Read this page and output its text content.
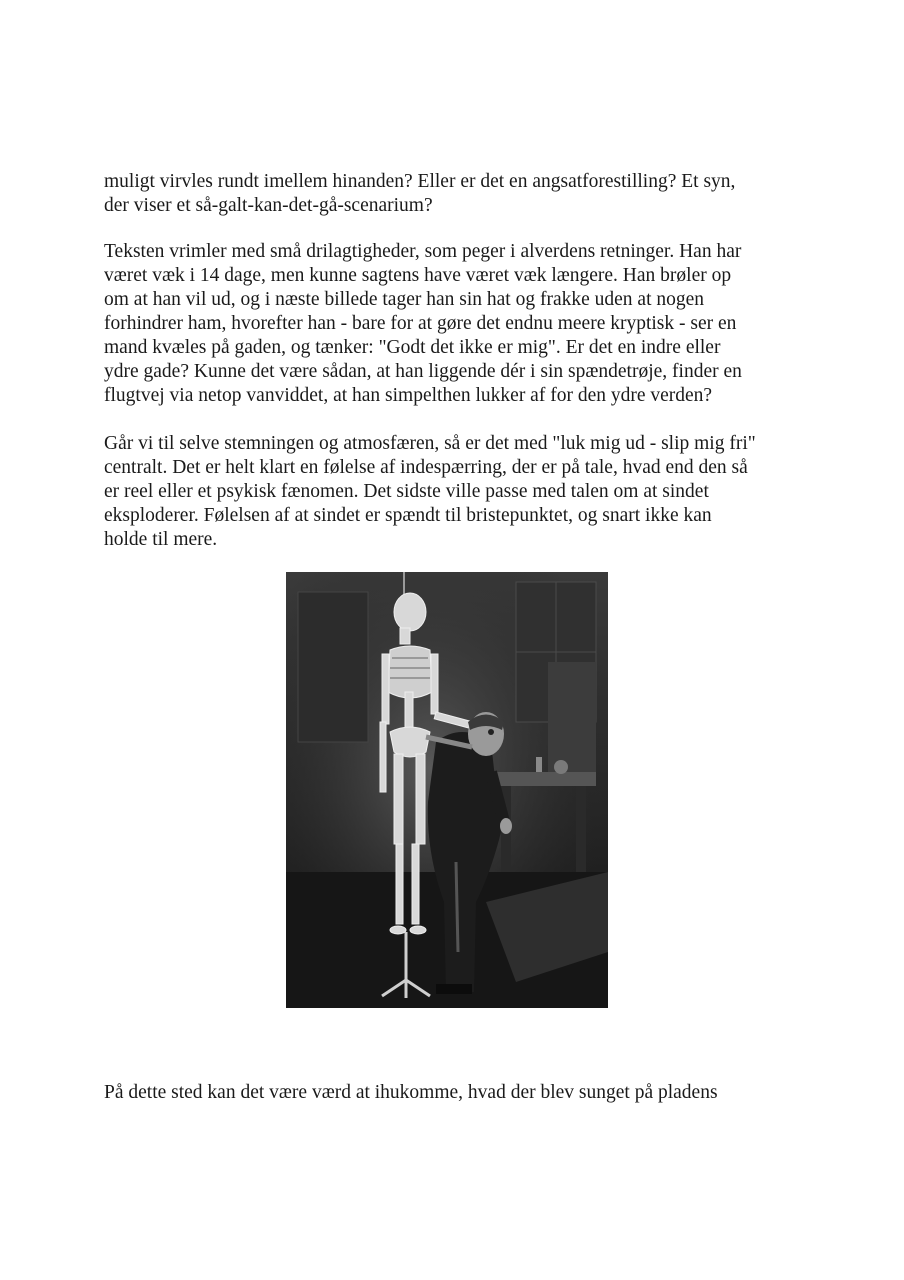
muligt virvles rundt imellem hinanden? Eller er det en angsatforestilling? Et syn,
der viser et så-galt-kan-det-gå-scenarium?

Teksten vrimler med små drilagtigheder, som peger i alverdens retninger. Han har
været væk i 14 dage, men kunne sagtens have været væk længere. Han brøler op
om at han vil ud, og i næste billede tager han sin hat og frakke uden at nogen
forhindrer ham, hvorefter han - bare for at gøre det endnu meere kryptisk - ser en
mand kvæles på gaden, og tænker: "Godt det ikke er mig". Er det en indre eller
ydre gade? Kunne det være sådan, at han liggende dér i sin spændetrøje, finder en
flugtvej via netop vanviddet, at han simpelthen lukker af for den ydre verden?

Går vi til selve stemningen og atmosfæren, så er det med "luk mig ud - slip mig fri"
centralt. Det er helt klart en følelse af indespærring, der er på tale, hvad end den så
er reel eller et psykisk fænomen. Det sidste ville passe med talen om at sindet
eksploderer. Følelsen af at sindet er spændt til bristepunktet, og snart ikke kan
holde til mere.

På dette sted kan det være værd at ihukomme, hvad der blev sunget på pladens
